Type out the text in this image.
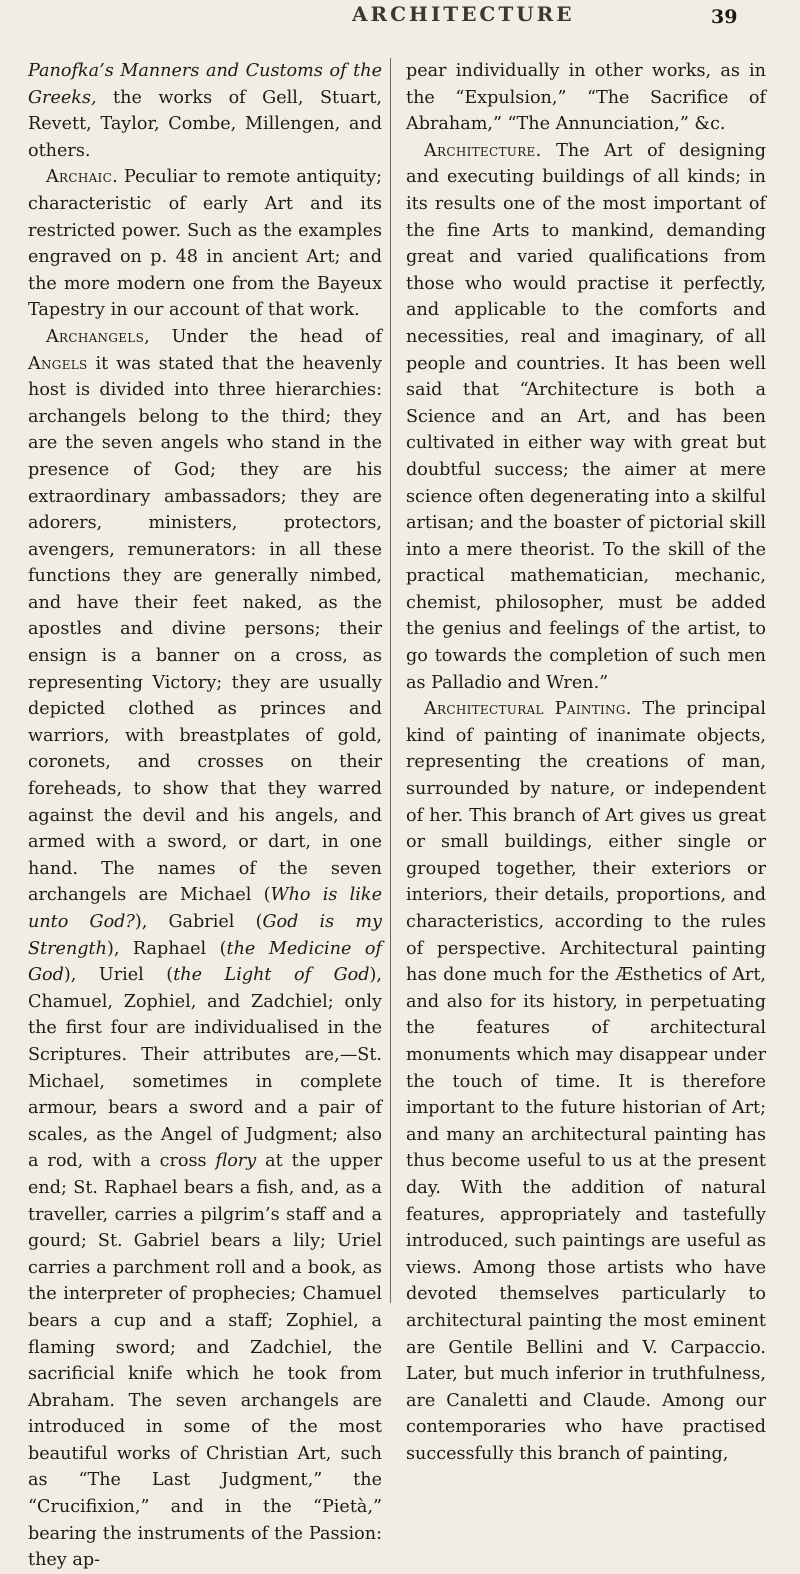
ARCHITECTURE	39

Panofka’s Manners and Customs of the Greeks, the works of Gell, Stuart, Revett, Taylor, Combe, Millengen, and others.

Archaic. Peculiar to remote antiquity; characteristic of early Art and its restricted power. Such as the examples engraved on p. 48 in ancient Art; and the more modern one from the Bayeux Tapestry in our account of that work.

Archangels, Under the head of Angels it was stated that the heavenly host is divided into three hierarchies: archangels belong to the third; they are the seven angels who stand in the presence of God; they are his extraordinary ambassadors; they are adorers, ministers, protectors, avengers, remunerators: in all these functions they are generally nimbed, and have their feet naked, as the apostles and divine persons; their ensign is a banner on a cross, as representing Victory; they are usually depicted clothed as princes and warriors, with breastplates of gold, coronets, and crosses on their foreheads, to show that they warred against the devil and his angels, and armed with a sword, or dart, in one hand. The names of the seven archangels are Michael (Who is like unto God?), Gabriel (God is my Strength), Raphael (the Medicine of God), Uriel (the Light of God), Chamuel, Zophiel, and Zadchiel; only the first four are individualised in the Scriptures. Their attributes are,—St. Michael, sometimes in complete armour, bears a sword and a pair of scales, as the Angel of Judgment; also a rod, with a cross flory at the upper end; St. Raphael bears a fish, and, as a traveller, carries a pilgrim’s staff and a gourd; St. Gabriel bears a lily; Uriel carries a parchment roll and a book, as the interpreter of prophecies; Chamuel bears a cup and a staff; Zophiel, a flaming sword; and Zadchiel, the sacrificial knife which he took from Abraham. The seven archangels are introduced in some of the most beautiful works of Christian Art, such as “The Last Judgment,” the “Crucifixion,” and in the “Pietà,” bearing the instruments of the Passion: they ap-

pear individually in other works, as in the “Expulsion,” “The Sacrifice of Abraham,” “The Annunciation,” &c.

Architecture. The Art of designing and executing buildings of all kinds; in its results one of the most important of the fine Arts to mankind, demanding great and varied qualifications from those who would practise it perfectly, and applicable to the comforts and necessities, real and imaginary, of all people and countries. It has been well said that “Architecture is both a Science and an Art, and has been cultivated in either way with great but doubtful success; the aimer at mere science often degenerating into a skilful artisan; and the boaster of pictorial skill into a mere theorist. To the skill of the practical mathematician, mechanic, chemist, philosopher, must be added the genius and feelings of the artist, to go towards the completion of such men as Palladio and Wren.”

Architectural Painting. The principal kind of painting of inanimate objects, representing the creations of man, surrounded by nature, or independent of her. This branch of Art gives us great or small buildings, either single or grouped together, their exteriors or interiors, their details, proportions, and characteristics, according to the rules of perspective. Architectural painting has done much for the Æsthetics of Art, and also for its history, in perpetuating the features of architectural monuments which may disappear under the touch of time. It is therefore important to the future historian of Art; and many an architectural painting has thus become useful to us at the present day. With the addition of natural features, appropriately and tastefully introduced, such paintings are useful as views. Among those artists who have devoted themselves particularly to architectural painting the most eminent are Gentile Bellini and V. Carpaccio. Later, but much inferior in truthfulness, are Canaletti and Claude. Among our contemporaries who have practised successfully this branch of painting,
